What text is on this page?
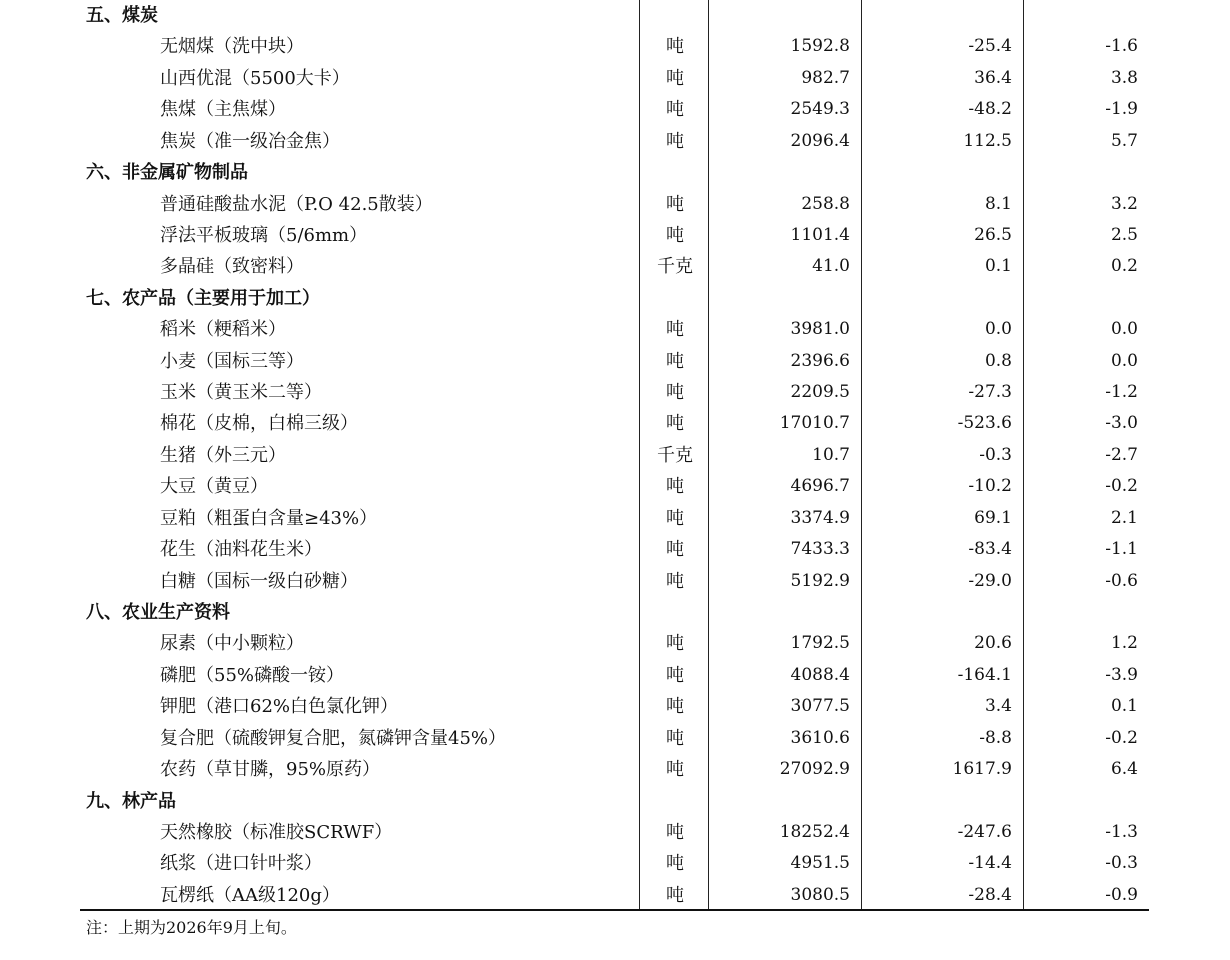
五、煤炭
无烟煤（洗中块）	吨	1592.8	-25.4	-1.6
山西优混（5500大卡）	吨	982.7	36.4	3.8
焦煤（主焦煤）	吨	2549.3	-48.2	-1.9
焦炭（准一级冶金焦）	吨	2096.4	112.5	5.7
六、非金属矿物制品
普通硅酸盐水泥（P.O 42.5散装）	吨	258.8	8.1	3.2
浮法平板玻璃（5/6mm）	吨	1101.4	26.5	2.5
多晶硅（致密料）	千克	41.0	0.1	0.2
七、农产品（主要用于加工）
稻米（粳稻米）	吨	3981.0	0.0	0.0
小麦（国标三等）	吨	2396.6	0.8	0.0
玉米（黄玉米二等）	吨	2209.5	-27.3	-1.2
棉花（皮棉，白棉三级）	吨	17010.7	-523.6	-3.0
生猪（外三元）	千克	10.7	-0.3	-2.7
大豆（黄豆）	吨	4696.7	-10.2	-0.2
豆粕（粗蛋白含量≥43%）	吨	3374.9	69.1	2.1
花生（油料花生米）	吨	7433.3	-83.4	-1.1
白糖（国标一级白砂糖）	吨	5192.9	-29.0	-0.6
八、农业生产资料
尿素（中小颗粒）	吨	1792.5	20.6	1.2
磷肥（55%磷酸一铵）	吨	4088.4	-164.1	-3.9
钾肥（港口62%白色氯化钾）	吨	3077.5	3.4	0.1
复合肥（硫酸钾复合肥，氮磷钾含量45%）	吨	3610.6	-8.8	-0.2
农药（草甘膦，95%原药）	吨	27092.9	1617.9	6.4
九、林产品
天然橡胶（标准胶SCRWF）	吨	18252.4	-247.6	-1.3
纸浆（进口针叶浆）	吨	4951.5	-14.4	-0.3
瓦楞纸（AA级120g）	吨	3080.5	-28.4	-0.9
注：上期为2026年9月上旬。
